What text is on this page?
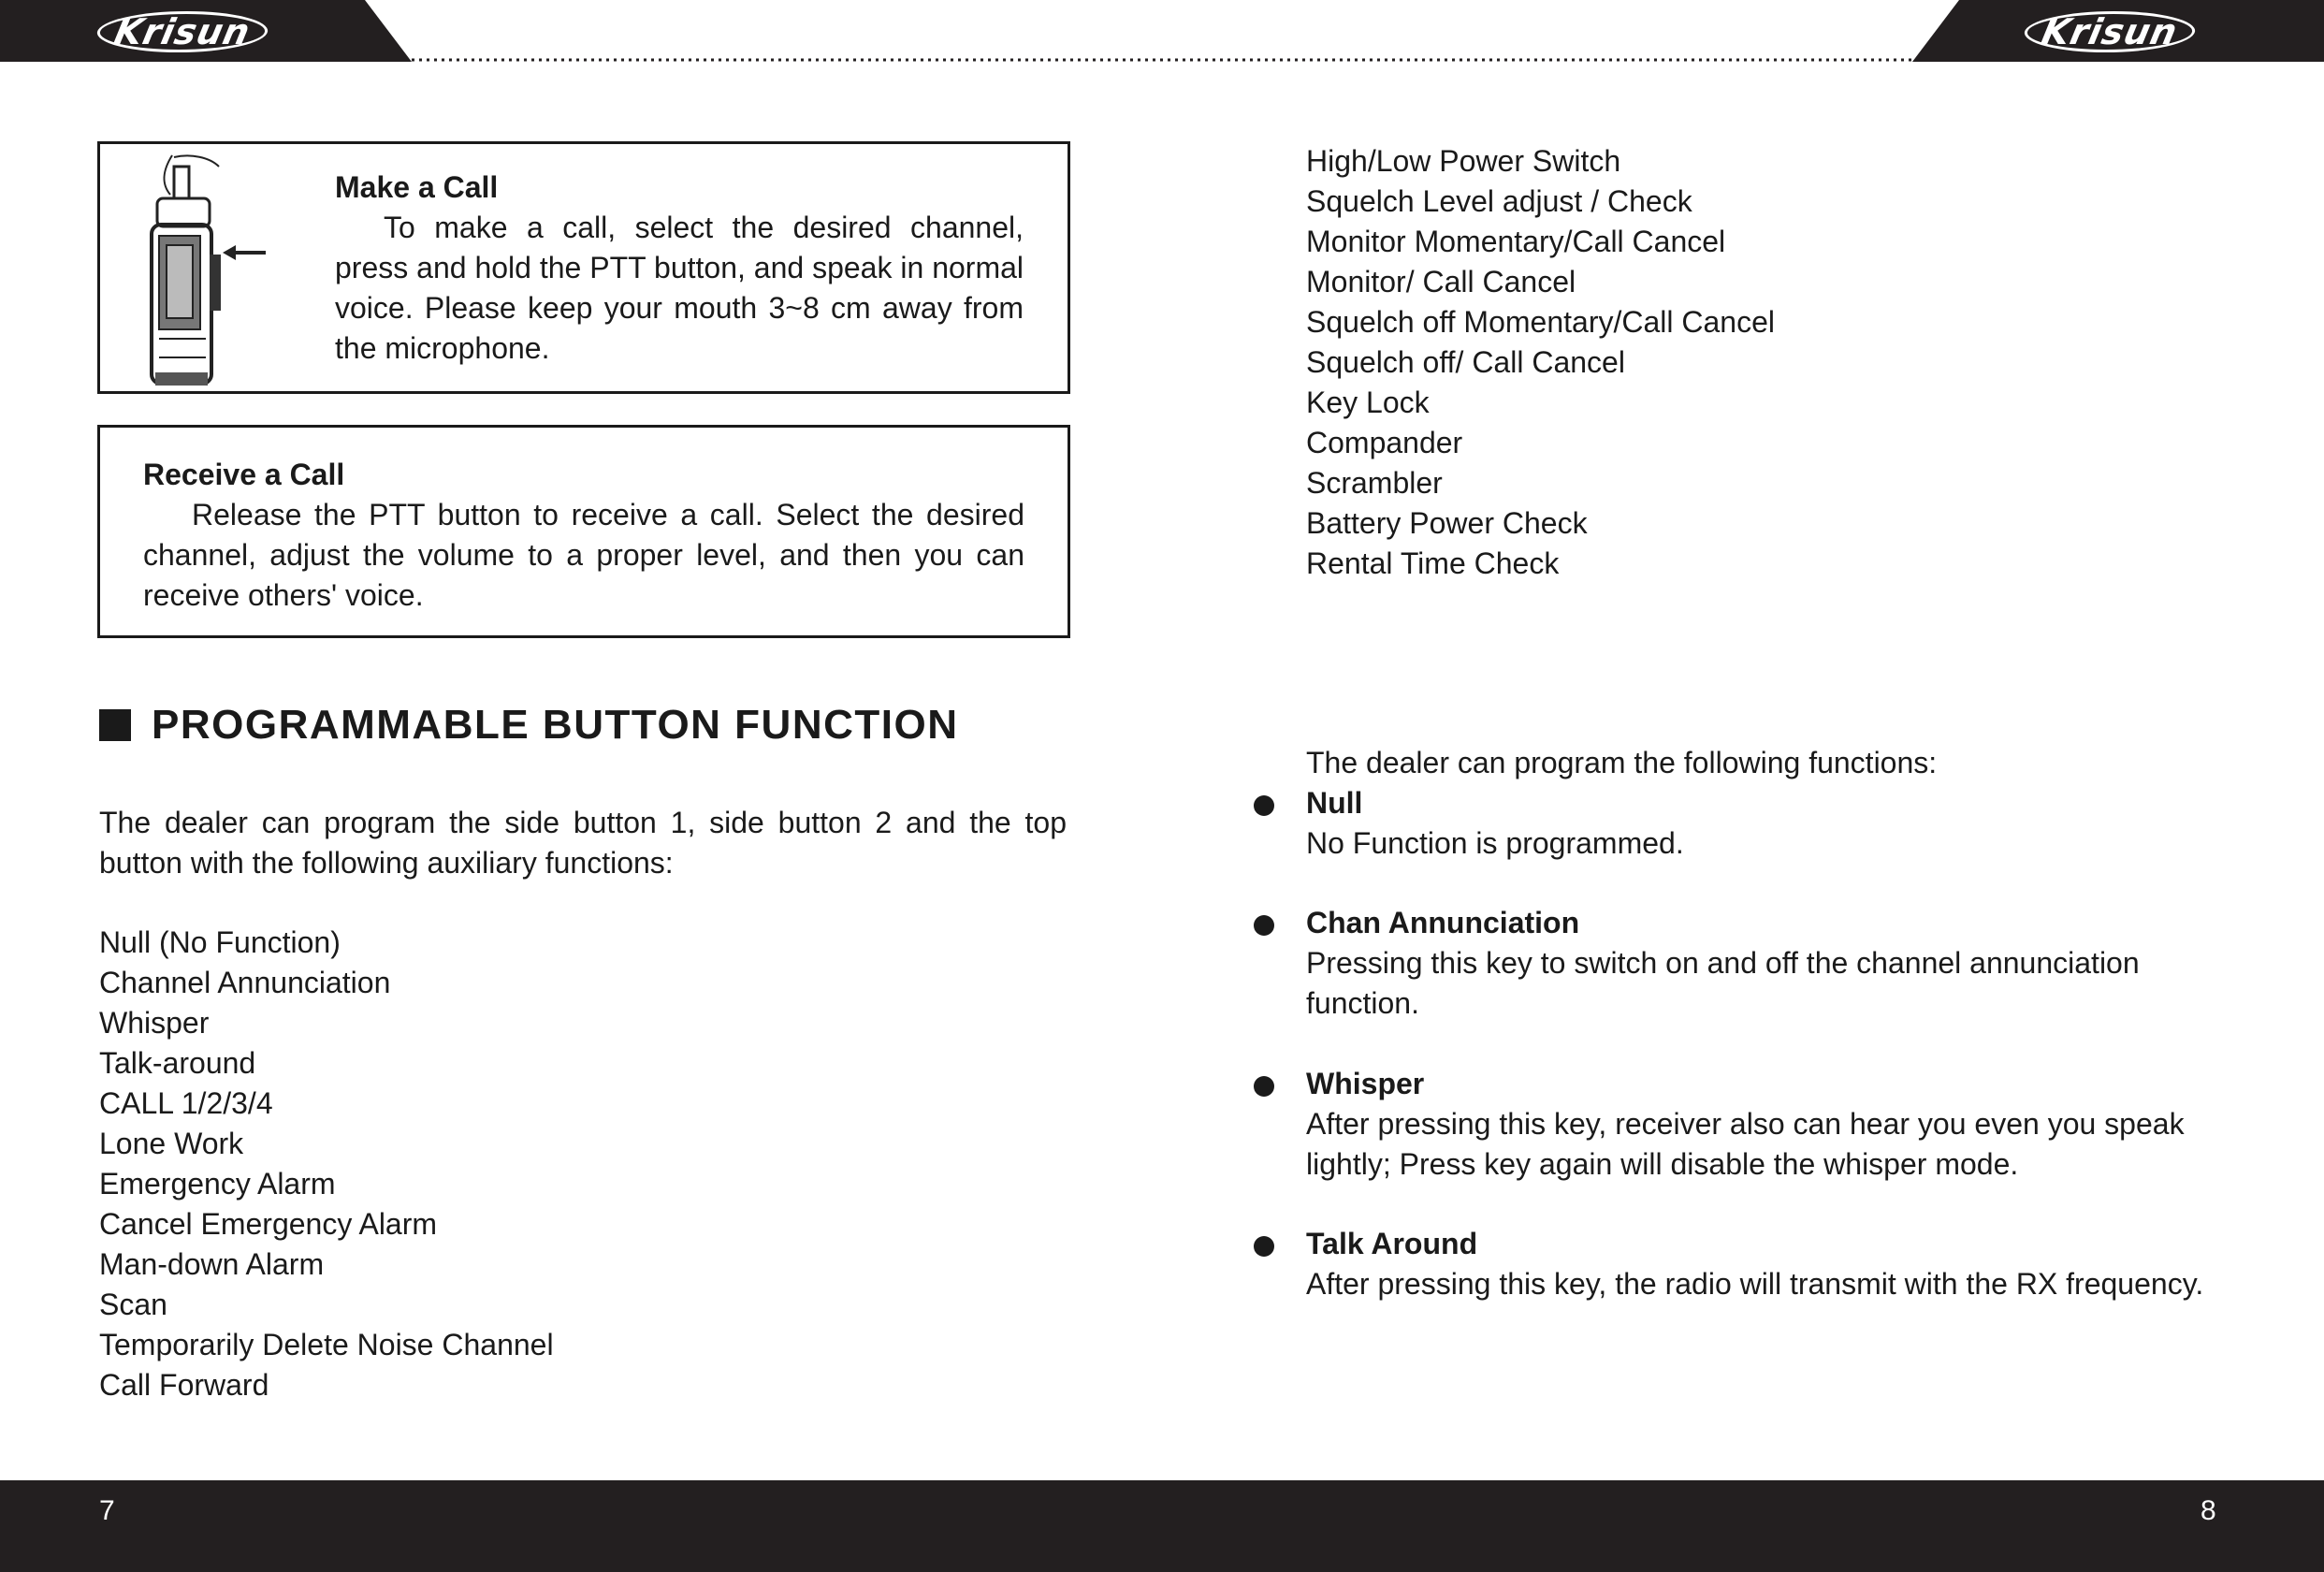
Krisun	Krisun
Make a Call
To make a call, select the desired channel, press and hold the PTT button, and speak in normal voice. Please keep your mouth 3~8 cm away from the microphone.
Receive a Call
Release the PTT button to receive a call. Select the desired channel, adjust the volume to a proper level, and then you can receive others' voice.
PROGRAMMABLE BUTTON FUNCTION
The dealer can program the side button 1, side button 2 and the top button with the following auxiliary functions:
Null (No Function)
Channel Annunciation
Whisper
Talk-around
CALL 1/2/3/4
Lone Work
Emergency Alarm
Cancel Emergency Alarm
Man-down Alarm
Scan
Temporarily Delete Noise Channel
Call Forward
High/Low Power Switch
Squelch Level adjust / Check
Monitor Momentary/Call Cancel
Monitor/ Call Cancel
Squelch off Momentary/Call Cancel
Squelch off/ Call Cancel
Key Lock
Compander
Scrambler
Battery Power Check
Rental Time Check
The dealer can program the following functions:
Null
No Function is programmed.
Chan Annunciation
Pressing this key to switch on and off the channel annunciation function.
Whisper
After pressing this key, receiver also can hear you even you speak lightly; Press key again will disable the whisper mode.
Talk Around
After pressing this key, the radio will transmit with the RX frequency.
7	8
